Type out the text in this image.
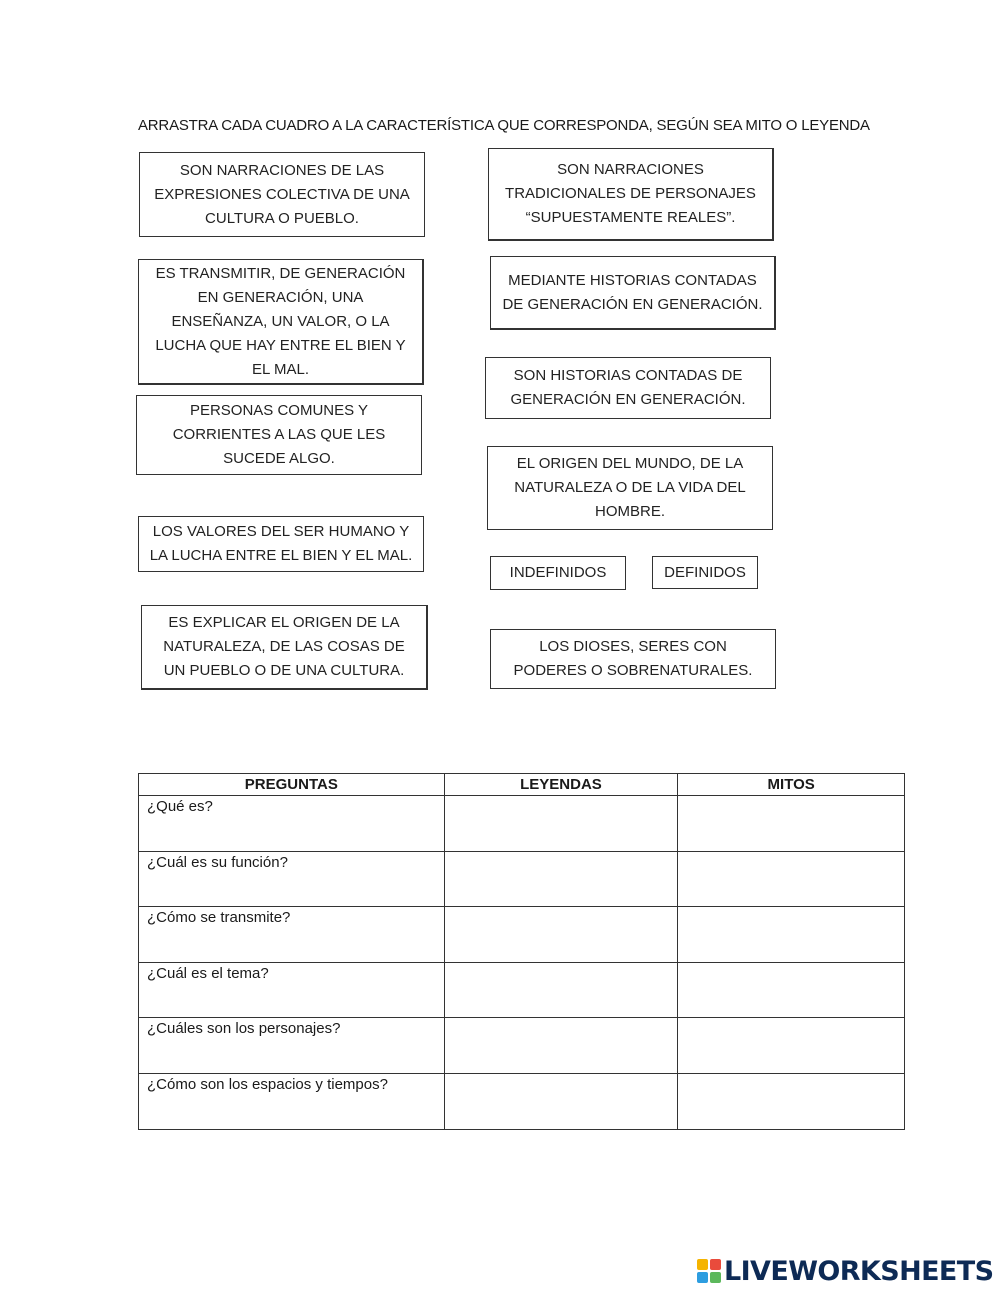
ARRASTRA CADA CUADRO A LA CARACTERÍSTICA QUE CORRESPONDA, SEGÚN SEA MITO O LEYENDA
SON NARRACIONES DE LAS EXPRESIONES COLECTIVA DE UNA CULTURA O PUEBLO.
SON NARRACIONES TRADICIONALES DE PERSONAJES “SUPUESTAMENTE REALES”.
ES TRANSMITIR, DE GENERACIÓN EN GENERACIÓN, UNA ENSEÑANZA, UN VALOR, O LA LUCHA QUE HAY ENTRE EL BIEN Y EL MAL.
MEDIANTE HISTORIAS CONTADAS DE GENERACIÓN EN GENERACIÓN.
SON HISTORIAS CONTADAS DE GENERACIÓN EN GENERACIÓN.
PERSONAS COMUNES Y CORRIENTES A LAS QUE LES SUCEDE ALGO.	EL ORIGEN DEL MUNDO, DE LA NATURALEZA O DE LA VIDA DEL HOMBRE.
LOS VALORES DEL SER HUMANO Y LA LUCHA ENTRE EL BIEN Y EL MAL.
INDEFINIDOS	DEFINIDOS
ES EXPLICAR EL ORIGEN DE LA NATURALEZA, DE LAS COSAS DE UN PUEBLO O DE UNA CULTURA.
LOS DIOSES, SERES CON PODERES O SOBRENATURALES.
PREGUNTAS	LEYENDAS	MITOS
¿Qué es?		
¿Cuál es su función?		
¿Cómo se transmite?		
¿Cuál es el tema?		
¿Cuáles son los personajes?		
¿Cómo son los espacios y tiempos?		
LIVEWORKSHEETS
